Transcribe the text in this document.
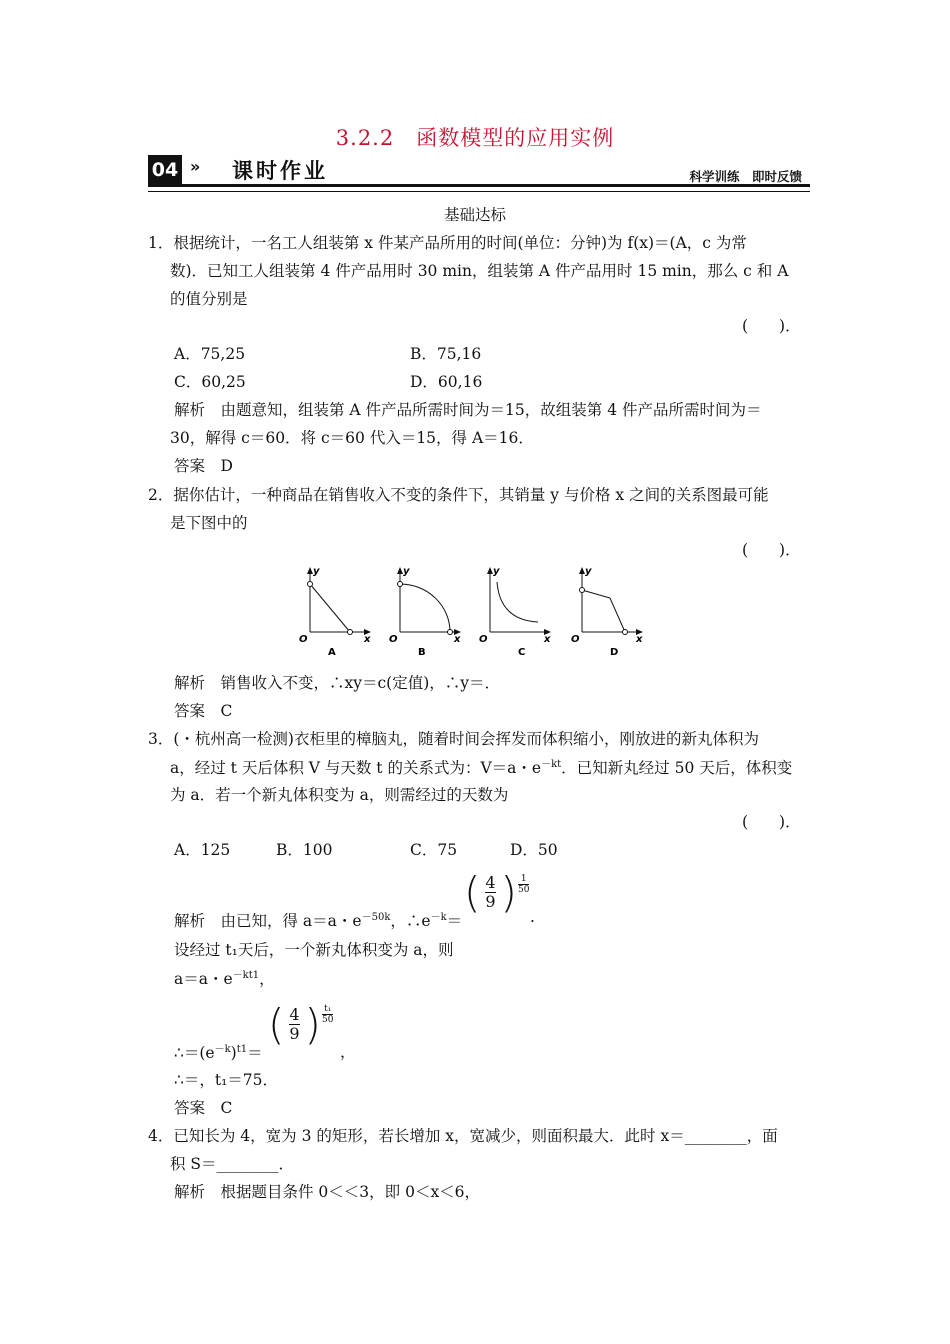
3.2.2　函数模型的应用实例
04 » 课时作业	科学训练　即时反馈
基础达标
1．根据统计，一名工人组装第 x 件某产品所用的时间(单位：分钟)为 f(x)＝(A，c 为常
数)．已知工人组装第 4 件产品用时 30 min，组装第 A 件产品用时 15 min，那么 c 和 A
的值分别是
(　　)．
A．75,25	B．75,16
C．60,25	D．60,16
解析　由题意知，组装第 A 件产品所需时间为＝15，故组装第 4 件产品所需时间为＝
30，解得 c＝60．将 c＝60 代入＝15，得 A＝16．
答案　D
2．据你估计，一种商品在销售收入不变的条件下，其销量 y 与价格 x 之间的关系图最可能
是下图中的
(　　)．
y
O	x
A
y
O	x
B
y
O	x
C
y
O	x
D
解析　销售收入不变，∴xy＝c(定值)，∴y＝．
答案　C
3．(・杭州高一检测)衣柜里的樟脑丸，随着时间会挥发而体积缩小，刚放进的新丸体积为
a，经过 t 天后体积 V 与天数 t 的关系式为：V＝a・$e^{-kt}$．已知新丸经过 50 天后，体积变
为 a．若一个新丸体积变为 a，则需经过的天数为
(　　)．
A．125	B．100	C．75	D．50
解析　由已知，得 a＝a・$e^{-50k}$，$\therefore e^{-k}=$
( $\frac{4}{9}$ ) $\frac{1}{50}$
.
设经过 t₁天后，一个新丸体积变为 a，则
a＝a・$e^{-kt1}$，
$\therefore=(e^{-k})^{t1}=$
( $\frac{4}{9}$ ) $\frac{\text{t₁}}{50}$
，
∴＝，t₁＝75．
答案　C
4．已知长为 4，宽为 3 的矩形，若长增加 x，宽减少，则面积最大．此时 x＝________，面
积 S＝________．
解析　根据题目条件 0＜＜3，即 0＜x＜6，
